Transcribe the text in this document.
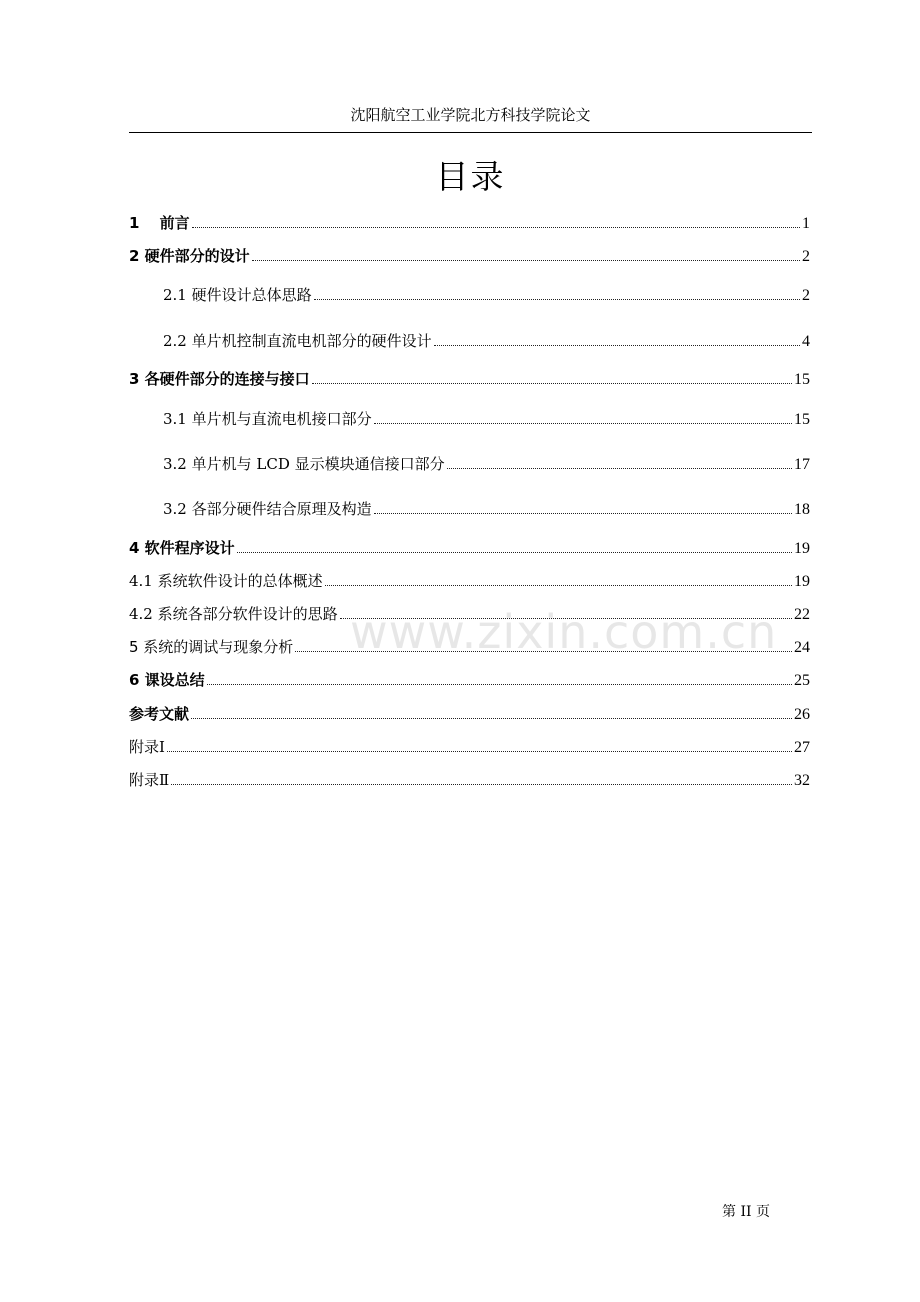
沈阳航空工业学院北方科技学院论文
目录
1　 前言	1
2 硬件部分的设计	2
2.1 硬件设计总体思路	2
2.2 单片机控制直流电机部分的硬件设计	4
3 各硬件部分的连接与接口	15
3.1 单片机与直流电机接口部分	15
3.2 单片机与 LCD 显示模块通信接口部分	17
3.2 各部分硬件结合原理及构造	18
4 软件程序设计	19
4.1 系统软件设计的总体概述	19
4.2 系统各部分软件设计的思路	22
5 系统的调试与现象分析	24
6 课设总结	25
参考文献	26
附录Ⅰ	27
附录Ⅱ	32
www.zixin.com.cn
第 II 页
